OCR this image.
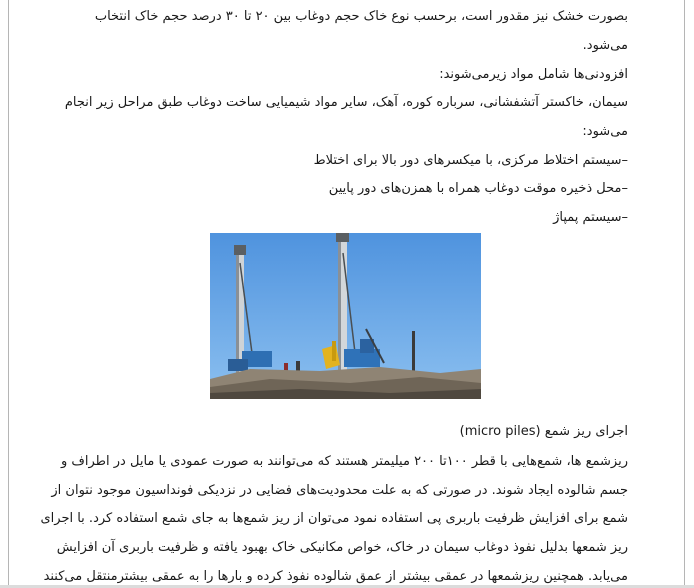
بصورت خشک نیز مقدور است، برحسب نوع خاک حجم دوغاب بین ۲۰ تا ۳۰ درصد حجم خاک انتخاب
می‌شود.
افزودنی‌ها شامل مواد زیرمی‌شوند:
سیمان، خاکستر آتشفشانی، سرباره کوره، آهک، سایر مواد شیمیایی ساخت دوغاب طبق مراحل زیر انجام
می‌شود:
–سیستم اختلاط مرکزی، با میکسرهای دور بالا برای اختلاط
–محل ذخیره موقت دوغاب همراه با همزن‌های دور پایین
–سیستم پمپاژ
اجرای ریز شمع (micro piles)
ریزشمع ها، شمع‌هایی با قطر ۱۰۰تا ۲۰۰ میلیمتر هستند که می‌توانند به صورت عمودی یا مایل در اطراف و
جسم شالوده ایجاد شوند. در صورتی که به علت محدودیت‌های فضایی در نزدیکی فونداسیون موجود نتوان از
شمع برای افزایش ظرفیت باربری پی استفاده نمود می‌توان از ریز شمع‌ها به جای شمع استفاده کرد. با اجرای
ریز شمعها بدلیل نفوذ دوغاب سیمان در خاک، خواص مکانیکی خاک بهبود یافته و ظرفیت باربری آن افزایش
می‌یابد. همچنین ریزشمعها در عمقی بیشتر از عمق شالوده نفوذ کرده و بارها را به عمقی بیشترمنتقل می‌کنند
